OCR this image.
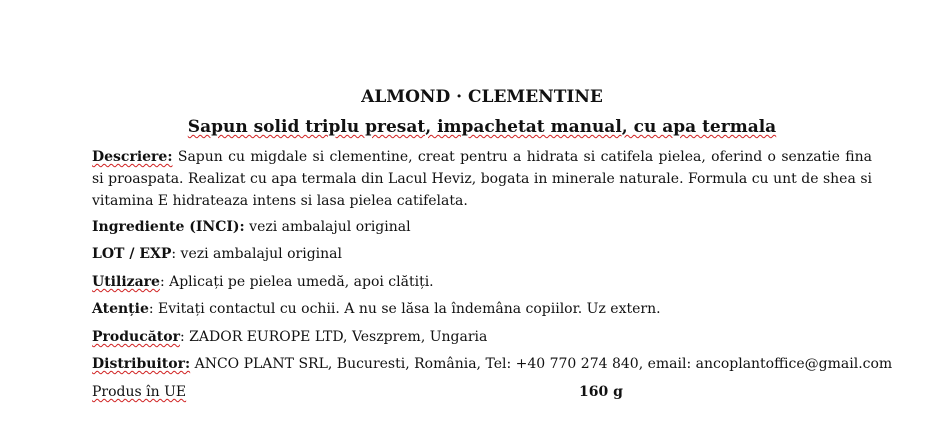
ALMOND · CLEMENTINE
Sapun solid triplu presat, impachetat manual, cu apa termala
Descriere: Sapun cu migdale si clementine, creat pentru a hidrata si catifela pielea, oferind o senzatie fina si proaspata. Realizat cu apa termala din Lacul Heviz, bogata in minerale naturale. Formula cu unt de shea si vitamina E hidrateaza intens si lasa pielea catifelata.
Ingrediente (INCI): vezi ambalajul original
LOT / EXP: vezi ambalajul original
Utilizare: Aplicați pe pielea umedă, apoi clătiți.
Atenție: Evitați contactul cu ochii. A nu se lăsa la îndemâna copiilor. Uz extern.
Producător: ZADOR EUROPE LTD, Veszprem, Ungaria
Distribuitor: ANCO PLANT SRL, Bucuresti, România, Tel: +40 770 274 840, email: ancoplantoffice@gmail.com
Produs în UE	160 g
